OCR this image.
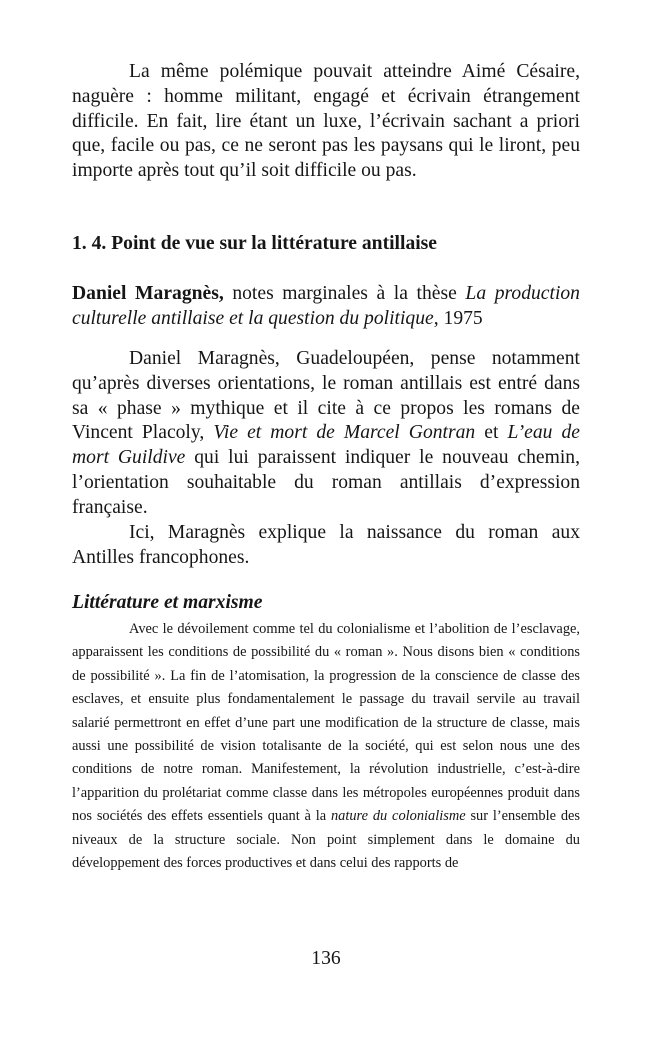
La même polémique pouvait atteindre Aimé Césaire, naguère : homme militant, engagé et écrivain étrangement difficile. En fait, lire étant un luxe, l’écrivain sachant a priori que, facile ou pas, ce ne seront pas les paysans qui le liront, peu importe après tout qu’il soit difficile ou pas.

1. 4. Point de vue sur la littérature antillaise

Daniel Maragnès, notes marginales à la thèse La production culturelle antillaise et la question du politique, 1975

Daniel Maragnès, Guadeloupéen, pense notamment qu’après diverses orientations, le roman antillais est entré dans sa « phase » mythique et il cite à ce propos les romans de Vincent Placoly, Vie et mort de Marcel Gontran et L’eau de mort Guildive qui lui paraissent indiquer le nouveau chemin, l’orientation souhaitable du roman antillais d’expression française.

Ici, Maragnès explique la naissance du roman aux Antilles francophones.

Littérature et marxisme

Avec le dévoilement comme tel du colonialisme et l’abolition de l’esclavage, apparaissent les conditions de possibilité du « roman ». Nous disons bien « conditions de possibilité ». La fin de l’atomisation, la progression de la conscience de classe des esclaves, et ensuite plus fondamentalement le passage du travail servile au travail salarié permettront en effet d’une part une modification de la structure de classe, mais aussi une possibilité de vision totalisante de la société, qui est selon nous une des conditions de notre roman. Manifestement, la révolution industrielle, c’est-à-dire l’apparition du prolétariat comme classe dans les métropoles européennes produit dans nos sociétés des effets essentiels quant à la nature du colonialisme sur l’ensemble des niveaux de la structure sociale. Non point simplement dans le domaine du développement des forces productives et dans celui des rapports de

136
